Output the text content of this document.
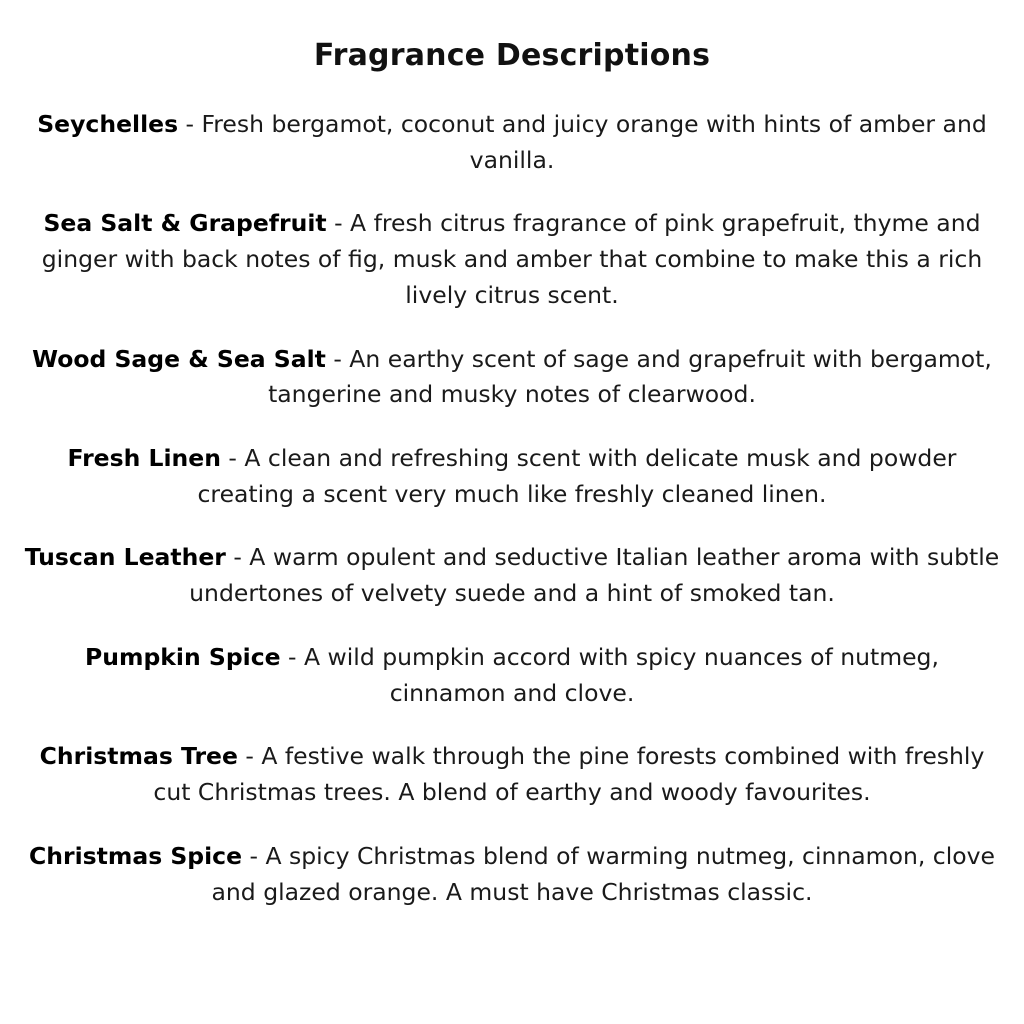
Fragrance Descriptions

Seychelles - Fresh bergamot, coconut and juicy orange with hints of amber and vanilla.

Sea Salt & Grapefruit - A fresh citrus fragrance of pink grapefruit, thyme and ginger with back notes of fig, musk and amber that combine to make this a rich lively citrus scent.

Wood Sage & Sea Salt - An earthy scent of sage and grapefruit with bergamot, tangerine and musky notes of clearwood.

Fresh Linen - A clean and refreshing scent with delicate musk and powder creating a scent very much like freshly cleaned linen.

Tuscan Leather - A warm opulent and seductive Italian leather aroma with subtle undertones of velvety suede and a hint of smoked tan.

Pumpkin Spice - A wild pumpkin accord with spicy nuances of nutmeg, cinnamon and clove.

Christmas Tree - A festive walk through the pine forests combined with freshly cut Christmas trees. A blend of earthy and woody favourites.

Christmas Spice - A spicy Christmas blend of warming nutmeg, cinnamon, clove and glazed orange. A must have Christmas classic.
